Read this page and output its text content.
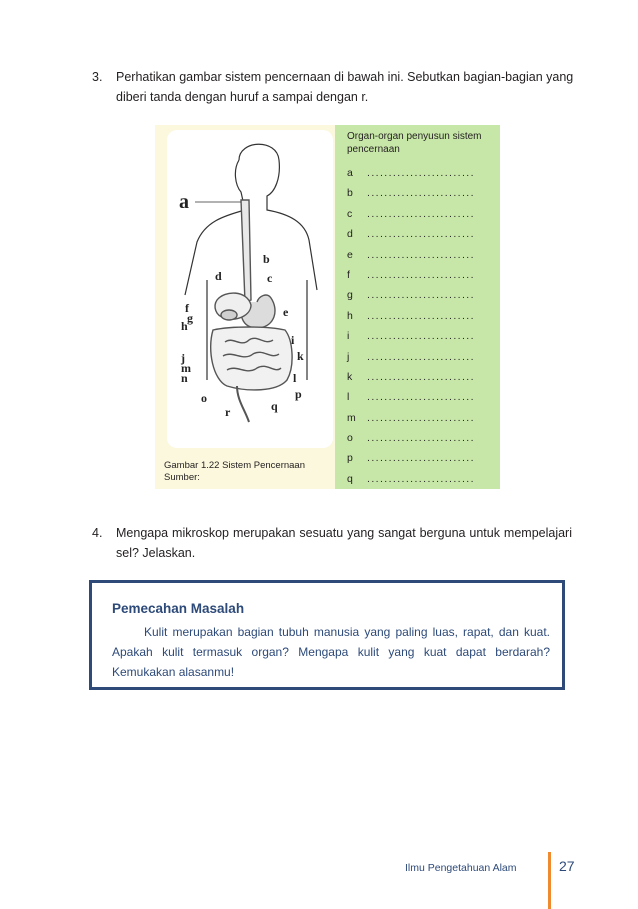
3. Perhatikan gambar sistem pencernaan di bawah ini. Sebutkan bagian-bagian yang diberi tanda dengan huruf a sampai dengan r.
a
b
c
d
e
f
g
h
i
j	k
l
m
n
o	p
q
r
Gambar 1.22 Sistem Pencernaan
Sumber:
Organ-organ penyusun sistem pencernaan
a .........................
b .........................
c .........................
d .........................
e .........................
f .........................
g .........................
h .........................
i .........................
j .........................
k .........................
l .........................
m .........................
o .........................
p .........................
q .........................
4. Mengapa mikroskop merupakan sesuatu yang sangat berguna untuk mempelajari sel? Jelaskan.
Pemecahan Masalah
Kulit merupakan bagian tubuh manusia yang paling luas, rapat, dan kuat. Apakah kulit termasuk organ? Mengapa kulit yang kuat dapat berdarah? Kemukakan alasanmu!
Ilmu Pengetahuan Alam	27
